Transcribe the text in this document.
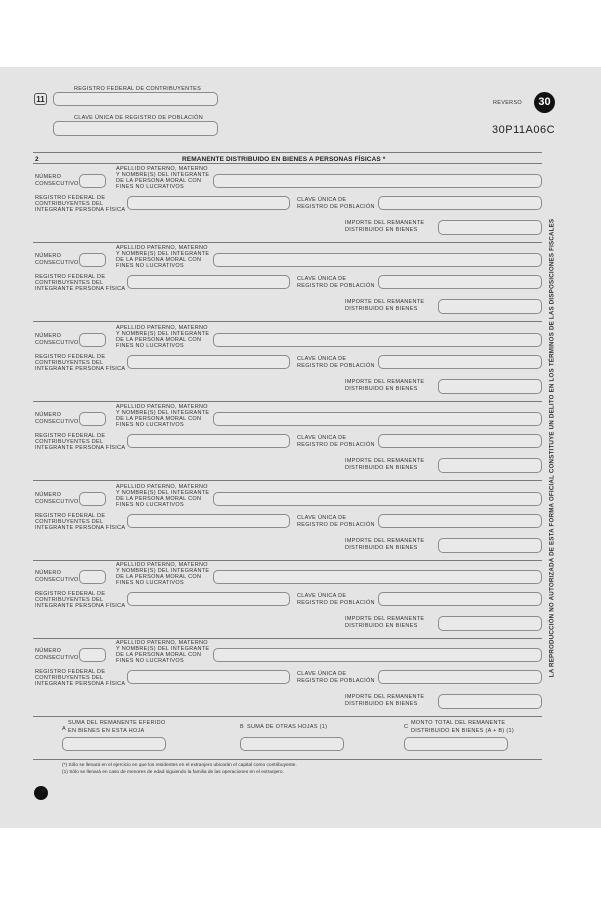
11
REGISTRO FEDERAL DE CONTRIBUYENTES
CLAVE ÚNICA DE REGISTRO DE POBLACIÓN
REVERSO	30
30P11A06C
2	REMANENTE DISTRIBUIDO EN BIENES A PERSONAS FÍSICAS *
NÚMERO
CONSECUTIVO
APELLIDO PATERNO, MATERNO
Y NOMBRE(S) DEL INTEGRANTE
DE LA PERSONA MORAL CON
FINES NO LUCRATIVOS
REGISTRO FEDERAL DE
CONTRIBUYENTES DEL
INTEGRANTE PERSONA FÍSICA
CLAVE ÚNICA DE
REGISTRO DE POBLACIÓN
IMPORTE DEL REMANENTE
DISTRIBUIDO EN BIENES
NÚMERO
CONSECUTIVO
APELLIDO PATERNO, MATERNO
Y NOMBRE(S) DEL INTEGRANTE
DE LA PERSONA MORAL CON
FINES NO LUCRATIVOS
REGISTRO FEDERAL DE
CONTRIBUYENTES DEL
INTEGRANTE PERSONA FÍSICA
CLAVE ÚNICA DE
REGISTRO DE POBLACIÓN
IMPORTE DEL REMANENTE
DISTRIBUIDO EN BIENES
NÚMERO
CONSECUTIVO
APELLIDO PATERNO, MATERNO
Y NOMBRE(S) DEL INTEGRANTE
DE LA PERSONA MORAL CON
FINES NO LUCRATIVOS
REGISTRO FEDERAL DE
CONTRIBUYENTES DEL
INTEGRANTE PERSONA FÍSICA
CLAVE ÚNICA DE
REGISTRO DE POBLACIÓN
IMPORTE DEL REMANENTE
DISTRIBUIDO EN BIENES
NÚMERO
CONSECUTIVO
APELLIDO PATERNO, MATERNO
Y NOMBRE(S) DEL INTEGRANTE
DE LA PERSONA MORAL CON
FINES NO LUCRATIVOS
REGISTRO FEDERAL DE
CONTRIBUYENTES DEL
INTEGRANTE PERSONA FÍSICA
CLAVE ÚNICA DE
REGISTRO DE POBLACIÓN
IMPORTE DEL REMANENTE
DISTRIBUIDO EN BIENES
NÚMERO
CONSECUTIVO
APELLIDO PATERNO, MATERNO
Y NOMBRE(S) DEL INTEGRANTE
DE LA PERSONA MORAL CON
FINES NO LUCRATIVOS
REGISTRO FEDERAL DE
CONTRIBUYENTES DEL
INTEGRANTE PERSONA FÍSICA
CLAVE ÚNICA DE
REGISTRO DE POBLACIÓN
IMPORTE DEL REMANENTE
DISTRIBUIDO EN BIENES
NÚMERO
CONSECUTIVO
APELLIDO PATERNO, MATERNO
Y NOMBRE(S) DEL INTEGRANTE
DE LA PERSONA MORAL CON
FINES NO LUCRATIVOS
REGISTRO FEDERAL DE
CONTRIBUYENTES DEL
INTEGRANTE PERSONA FÍSICA
CLAVE ÚNICA DE
REGISTRO DE POBLACIÓN
IMPORTE DEL REMANENTE
DISTRIBUIDO EN BIENES
NÚMERO
CONSECUTIVO
APELLIDO PATERNO, MATERNO
Y NOMBRE(S) DEL INTEGRANTE
DE LA PERSONA MORAL CON
FINES NO LUCRATIVOS
REGISTRO FEDERAL DE
CONTRIBUYENTES DEL
INTEGRANTE PERSONA FÍSICA
CLAVE ÚNICA DE
REGISTRO DE POBLACIÓN
IMPORTE DEL REMANENTE
DISTRIBUIDO EN BIENES
A
SUMA DEL REMANENTE EFERIDO
EN BIENES EN ESTA HOJA
B SUMA DE OTRAS HOJAS (1)	C
MONTO TOTAL DEL REMANENTE
DISTRIBUIDO EN BIENES (A + B) (1)
(*) Sólo se llenará en el ejercicio en que los residentes en el extranjero ubicarán el capital como contribuyente.
(1) Sólo se llenará en caso de menores de edad siguiendo la familia de las operaciones en el extranjero.
LA REPRODUCCIÓN NO AUTORIZADA DE ESTA FORMA OFICIAL CONSTITUYE UN DELITO EN LOS TÉRMINOS DE LAS DISPOSICIONES FISCALES
